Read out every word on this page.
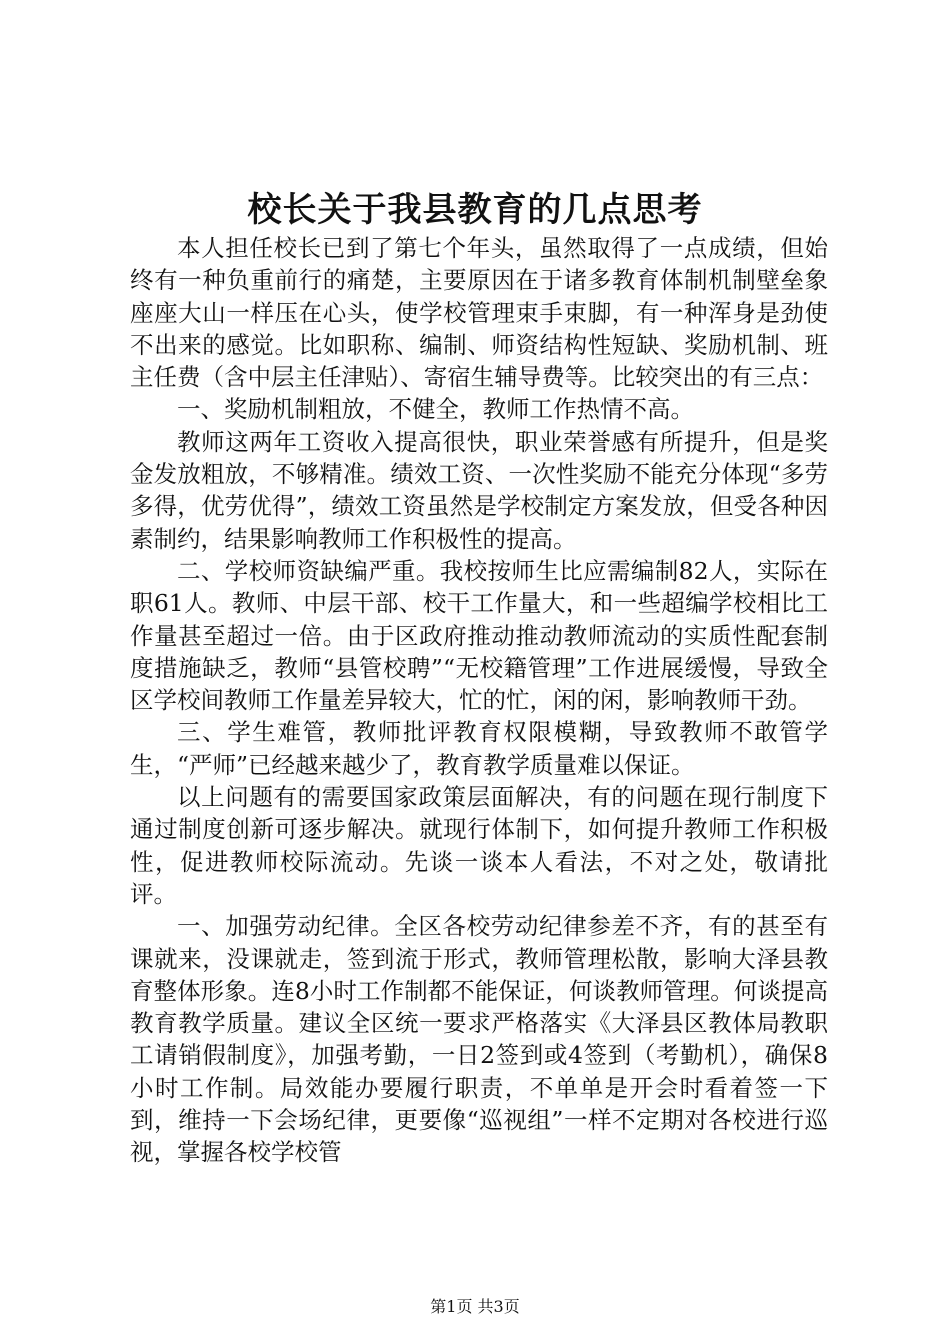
校长关于我县教育的几点思考

本人担任校长已到了第七个年头，虽然取得了一点成绩，但始终有一种负重前行的痛楚，主要原因在于诸多教育体制机制壁垒象座座大山一样压在心头，使学校管理束手束脚，有一种浑身是劲使不出来的感觉。比如职称、编制、师资结构性短缺、奖励机制、班主任费（含中层主任津贴）、寄宿生辅导费等。比较突出的有三点：

一、奖励机制粗放，不健全，教师工作热情不高。

教师这两年工资收入提高很快，职业荣誉感有所提升，但是奖金发放粗放，不够精准。绩效工资、一次性奖励不能充分体现“多劳多得，优劳优得”，绩效工资虽然是学校制定方案发放，但受各种因素制约，结果影响教师工作积极性的提高。

二、学校师资缺编严重。我校按师生比应需编制82人，实际在职61人。教师、中层干部、校干工作量大，和一些超编学校相比工作量甚至超过一倍。由于区政府推动推动教师流动的实质性配套制度措施缺乏，教师“县管校聘”“无校籍管理”工作进展缓慢，导致全区学校间教师工作量差异较大，忙的忙，闲的闲，影响教师干劲。

三、学生难管，教师批评教育权限模糊，导致教师不敢管学生，“严师”已经越来越少了，教育教学质量难以保证。

以上问题有的需要国家政策层面解决，有的问题在现行制度下通过制度创新可逐步解决。就现行体制下，如何提升教师工作积极性，促进教师校际流动。先谈一谈本人看法，不对之处，敬请批评。

一、加强劳动纪律。全区各校劳动纪律参差不齐，有的甚至有课就来，没课就走，签到流于形式，教师管理松散，影响大泽县教育整体形象。连8小时工作制都不能保证，何谈教师管理。何谈提高教育教学质量。建议全区统一要求严格落实《大泽县区教体局教职工请销假制度》，加强考勤，一日2签到或4签到（考勤机），确保8小时工作制。局效能办要履行职责，不单单是开会时看着签一下到，维持一下会场纪律，更要像“巡视组”一样不定期对各校进行巡视，掌握各校学校管

第1页 共3页
